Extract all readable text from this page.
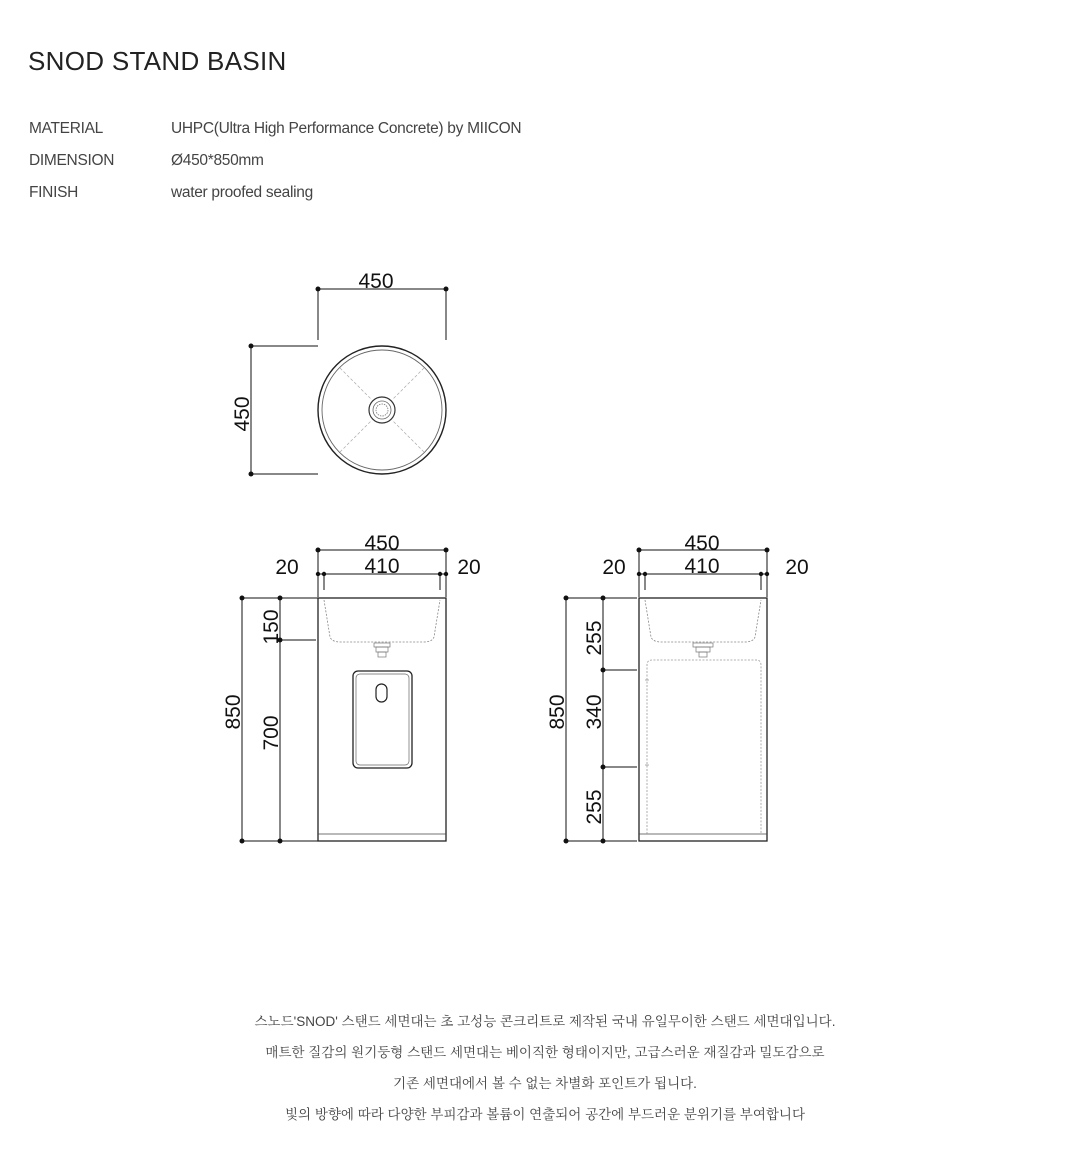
SNOD STAND BASIN
MATERIAL	UHPC(Ultra High Performance Concrete) by MIICON
DIMENSION	Ø450*850mm
FINISH	water proofed sealing
450
450
450
410
20	20
850
150
700
450
410
20	20
850
255
340
255

스노드'SNOD' 스탠드 세면대는 초 고성능 콘크리트로 제작된 국내 유일무이한 스탠드 세면대입니다.

매트한 질감의 원기둥형 스탠드 세면대는 베이직한 형태이지만, 고급스러운 재질감과 밀도감으로

기존 세면대에서 볼 수 없는 차별화 포인트가 됩니다.

빛의 방향에 따라 다양한 부피감과 볼륨이 연출되어 공간에 부드러운 분위기를 부여합니다
